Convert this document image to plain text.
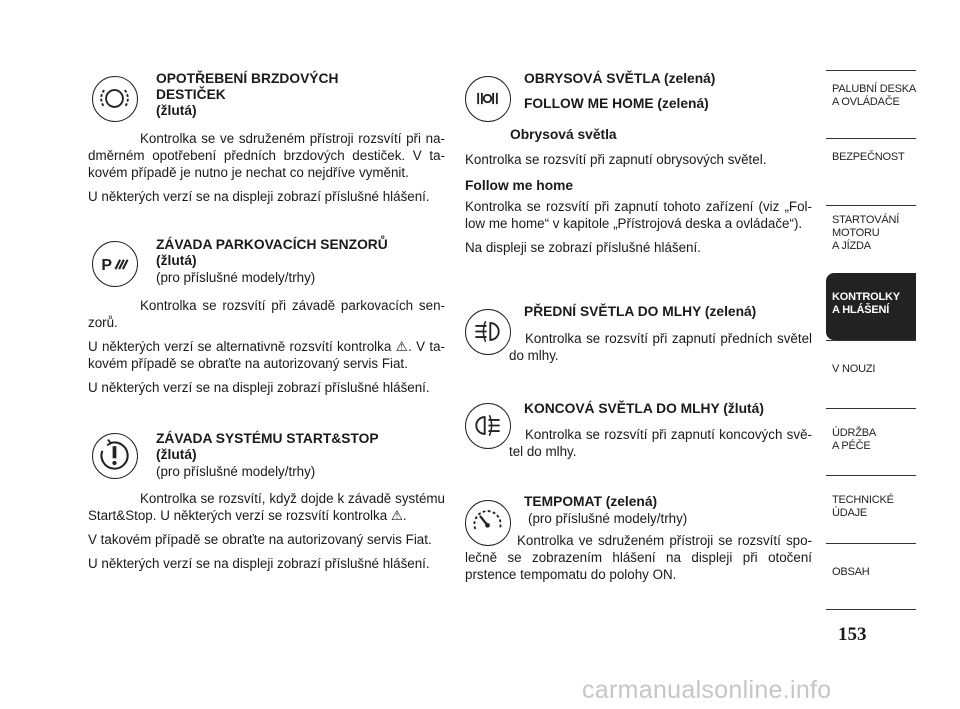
OPOTŘEBENÍ BRZDOVÝCH
DESTIČEK
(žlutá)

Kontrolka se ve sdruženém přístroji rozsvítí při nadměrném opotřebení předních brzdových destiček. V takovém případě je nutno je nechat co nejdříve vyměnit.

U některých verzí se na displeji zobrazí příslušné hlášení.

P
ZÁVADA PARKOVACÍCH SENZORŮ
(žlutá)
(pro příslušné modely/trhy)

Kontrolka se rozsvítí při závadě parkovacích senzorů.

U některých verzí se alternativně rozsvítí kontrolka ⚠. V takovém případě se obraťte na autorizovaný servis Fiat.

U některých verzí se na displeji zobrazí příslušné hlášení.

ZÁVADA SYSTÉMU START&STOP
(žlutá)
(pro příslušné modely/trhy)

Kontrolka se rozsvítí, když dojde k závadě systému Start&Stop. U některých verzí se rozsvítí kontrolka ⚠.

V takovém případě se obraťte na autorizovaný servis Fiat.

U některých verzí se na displeji zobrazí příslušné hlášení.

OBRYSOVÁ SVĚTLA (zelená)
FOLLOW ME HOME (zelená)

Obrysová světla

Kontrolka se rozsvítí při zapnutí obrysových světel.

Follow me home

Kontrolka se rozsvítí při zapnutí tohoto zařízení (viz „Follow me home“ v kapitole „Přístrojová deska a ovládače“).

Na displeji se zobrazí příslušné hlášení.

PŘEDNÍ SVĚTLA DO MLHY (zelená)

Kontrolka se rozsvítí při zapnutí předních světel do mlhy.

KONCOVÁ SVĚTLA DO MLHY (žlutá)

Kontrolka se rozsvítí při zapnutí koncových světel do mlhy.

TEMPOMAT (zelená)
(pro příslušné modely/trhy)

Kontrolka ve sdruženém přístroji se rozsvítí společně se zobrazením hlášení na displeji při otočení prstence tempomatu do polohy ON.

PALUBNÍ DESKA
A OVLÁDAČE
BEZPEČNOST
STARTOVÁNÍ
MOTORU
A JÍZDA
KONTROLKY
A HLÁŠENÍ
V NOUZI
ÚDRŽBA
A PÉČE
TECHNICKÉ
ÚDAJE
OBSAH
153
carmanualsonline.info
